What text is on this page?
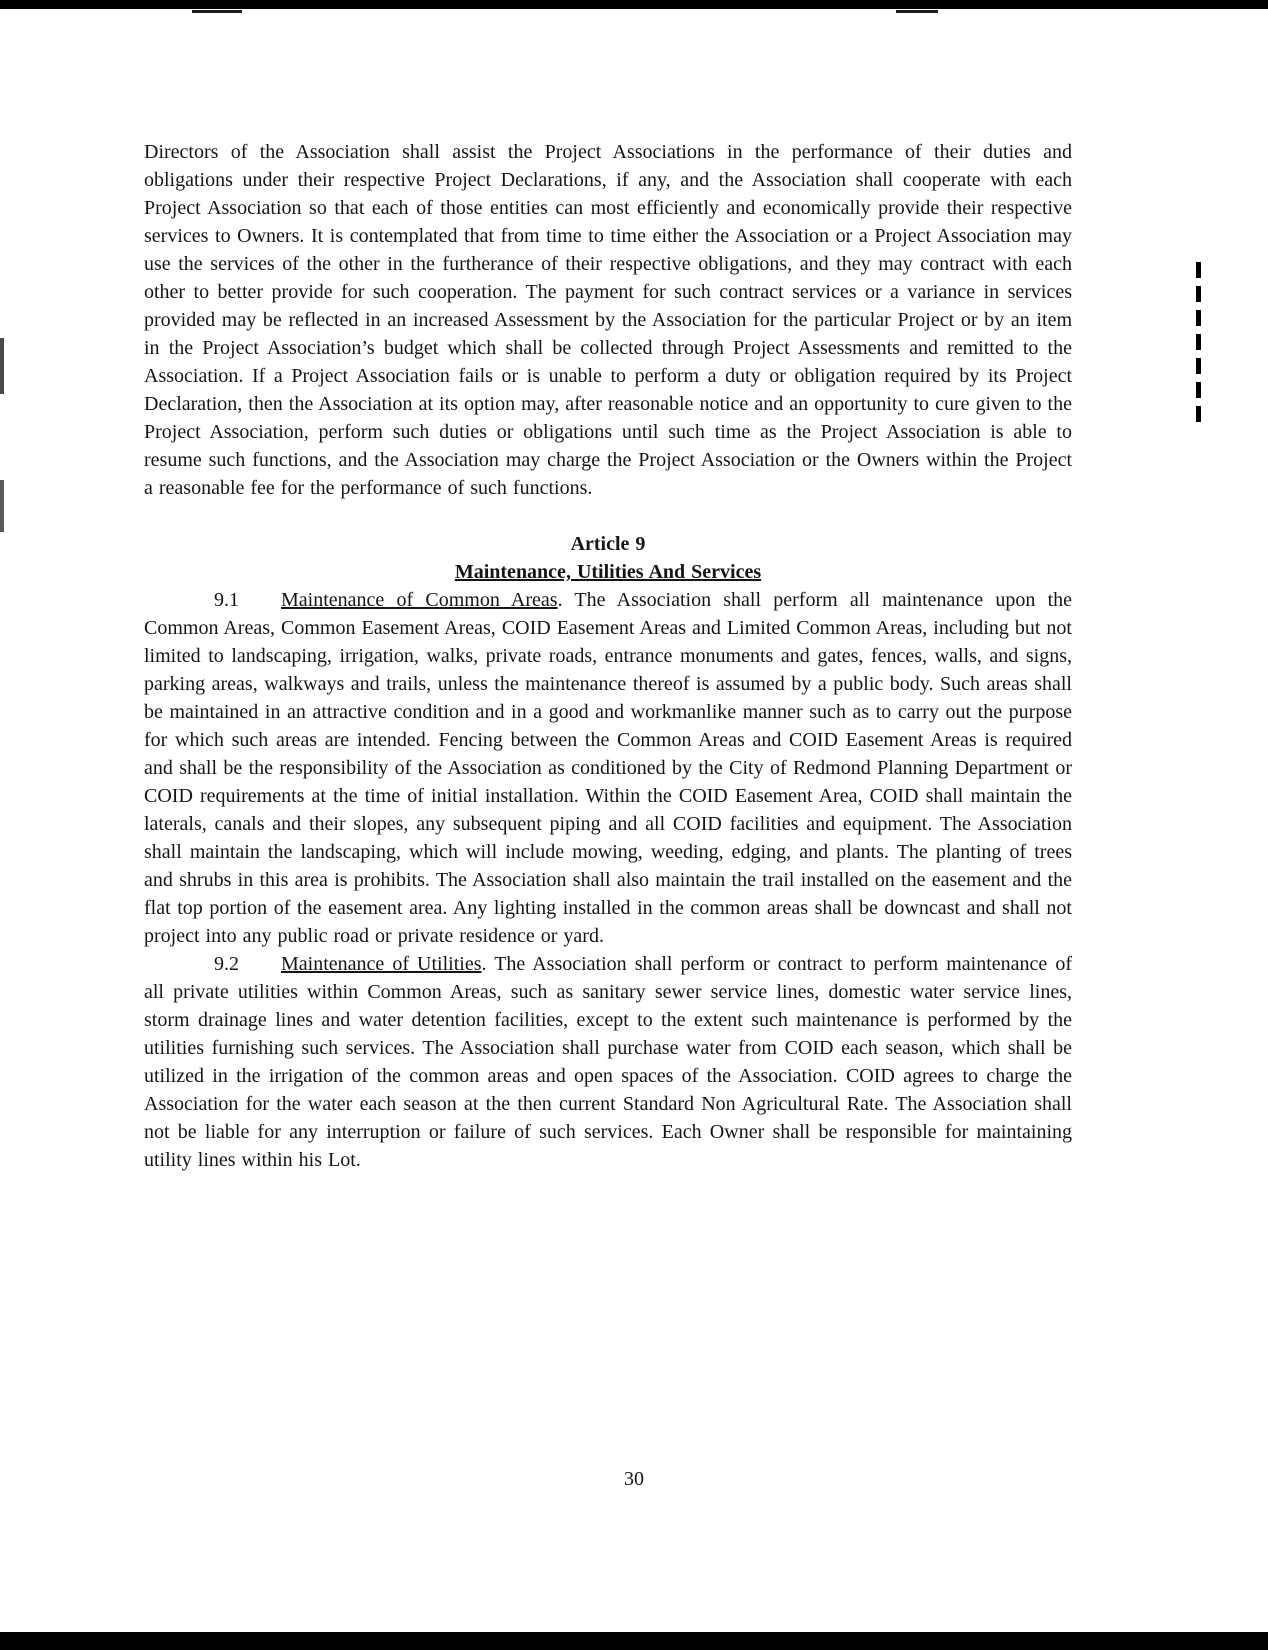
Directors of the Association shall assist the Project Associations in the performance of their duties and obligations under their respective Project Declarations, if any, and the Association shall cooperate with each Project Association so that each of those entities can most efficiently and economically provide their respective services to Owners. It is contemplated that from time to time either the Association or a Project Association may use the services of the other in the furtherance of their respective obligations, and they may contract with each other to better provide for such cooperation. The payment for such contract services or a variance in services provided may be reflected in an increased Assessment by the Association for the particular Project or by an item in the Project Association’s budget which shall be collected through Project Assessments and remitted to the Association. If a Project Association fails or is unable to perform a duty or obligation required by its Project Declaration, then the Association at its option may, after reasonable notice and an opportunity to cure given to the Project Association, perform such duties or obligations until such time as the Project Association is able to resume such functions, and the Association may charge the Project Association or the Owners within the Project a reasonable fee for the performance of such functions.

Article 9
Maintenance, Utilities And Services

9.1 Maintenance of Common Areas. The Association shall perform all maintenance upon the Common Areas, Common Easement Areas, COID Easement Areas and Limited Common Areas, including but not limited to landscaping, irrigation, walks, private roads, entrance monuments and gates, fences, walls, and signs, parking areas, walkways and trails, unless the maintenance thereof is assumed by a public body. Such areas shall be maintained in an attractive condition and in a good and workmanlike manner such as to carry out the purpose for which such areas are intended. Fencing between the Common Areas and COID Easement Areas is required and shall be the responsibility of the Association as conditioned by the City of Redmond Planning Department or COID requirements at the time of initial installation. Within the COID Easement Area, COID shall maintain the laterals, canals and their slopes, any subsequent piping and all COID facilities and equipment. The Association shall maintain the landscaping, which will include mowing, weeding, edging, and plants. The planting of trees and shrubs in this area is prohibits. The Association shall also maintain the trail installed on the easement and the flat top portion of the easement area. Any lighting installed in the common areas shall be downcast and shall not project into any public road or private residence or yard.

9.2 Maintenance of Utilities. The Association shall perform or contract to perform maintenance of all private utilities within Common Areas, such as sanitary sewer service lines, domestic water service lines, storm drainage lines and water detention facilities, except to the extent such maintenance is performed by the utilities furnishing such services. The Association shall purchase water from COID each season, which shall be utilized in the irrigation of the common areas and open spaces of the Association. COID agrees to charge the Association for the water each season at the then current Standard Non Agricultural Rate. The Association shall not be liable for any interruption or failure of such services. Each Owner shall be responsible for maintaining utility lines within his Lot.

30
